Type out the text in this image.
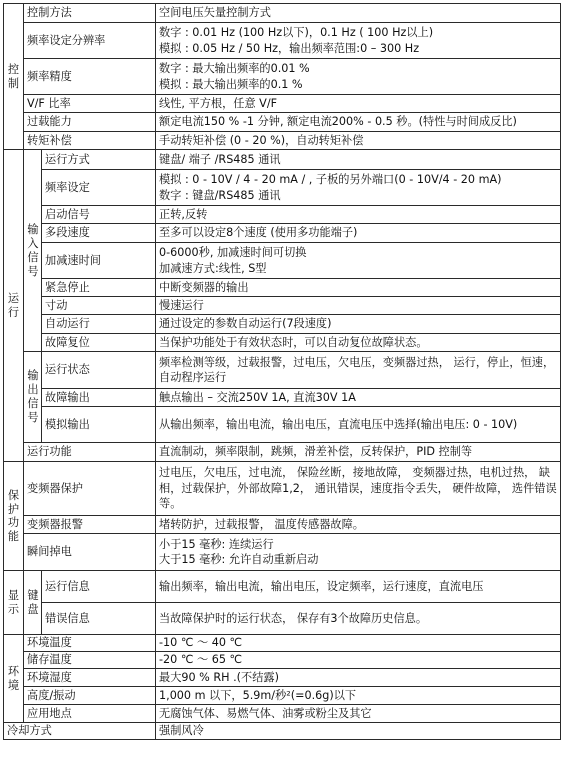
控制	控制方法		空间电压矢量控制方式

	频率设定分辨率		数字 : 0.01 Hz (100 Hz以下)，0.1 Hz ( 100 Hz以上)
模拟 : 0.05 Hz / 50 Hz，输出频率范围:0 – 300 Hz

	频率精度		数字 : 最大输出频率的0.01 %
模拟 : 最大输出频率的0.1 %

	V/F 比率		线性, 平方根，任意 V/F

	过载能力		额定电流150 % -1 分钟, 额定电流200% - 0.5 秒。(特性与时间成反比)

	转矩补偿		手动转矩补偿 (0 - 20 %)，自动转矩补偿

运行	输入信号	运行方式	键盘/ 端子 /RS485 通讯

		频率设定	模拟 : 0 - 10V / 4 - 20 mA / , 子板的另外端口(0 - 10V/4 - 20 mA)
数字 : 键盘/RS485 通讯

		启动信号	正转,反转

		多段速度	至多可以设定8个速度 (使用多功能端子)

		加减速时间	0-6000秒, 加减速时间可切换
加减速方式:线性, S型

		紧急停止	中断变频器的输出

		寸动	慢速运行

		自动运行	通过设定的参数自动运行(7段速度)

		故障复位	当保护功能处于有效状态时，可以自动复位故障状态。

	输出信号	运行状态	频率检测等级，过载报警，过电压，欠电压，变频器过热， 运行，停止，恒速，自动程序运行

		故障输出	触点输出 – 交流250V 1A, 直流30V 1A

		模拟输出	从输出频率，输出电流，输出电压，直流电压中选择(输出电压: 0 - 10V)

	运行功能		直流制动，频率限制，跳频，滑差补偿，反转保护，PID 控制等

保护功能	变频器保护		过电压，欠电压，过电流， 保险丝断，接地故障， 变频器过热，电机过热， 缺相，过载保护，外部故障1,2， 通讯错误，速度指令丢失， 硬件故障， 选件错误等。

	变频器报警		堵转防护，过载报警， 温度传感器故障。

	瞬间掉电		小于15 毫秒: 连续运行
大于15 毫秒: 允许自动重新启动

显示	键盘	运行信息	输出频率，输出电流，输出电压，设定频率，运行速度，直流电压

		错误信息	当故障保护时的运行状态， 保存有3个故障历史信息。

环境	环境温度		-10 ℃ ～ 40 ℃
	储存温度		-20 ℃ ～ 65 ℃
	环境湿度		最大90 % RH .(不结露)
	高度/振动		1,000 m 以下，5.9m/秒²(=0.6g)以下
	应用地点		无腐蚀气体、易燃气体、油雾或粉尘及其它
冷却方式			强制风冷
